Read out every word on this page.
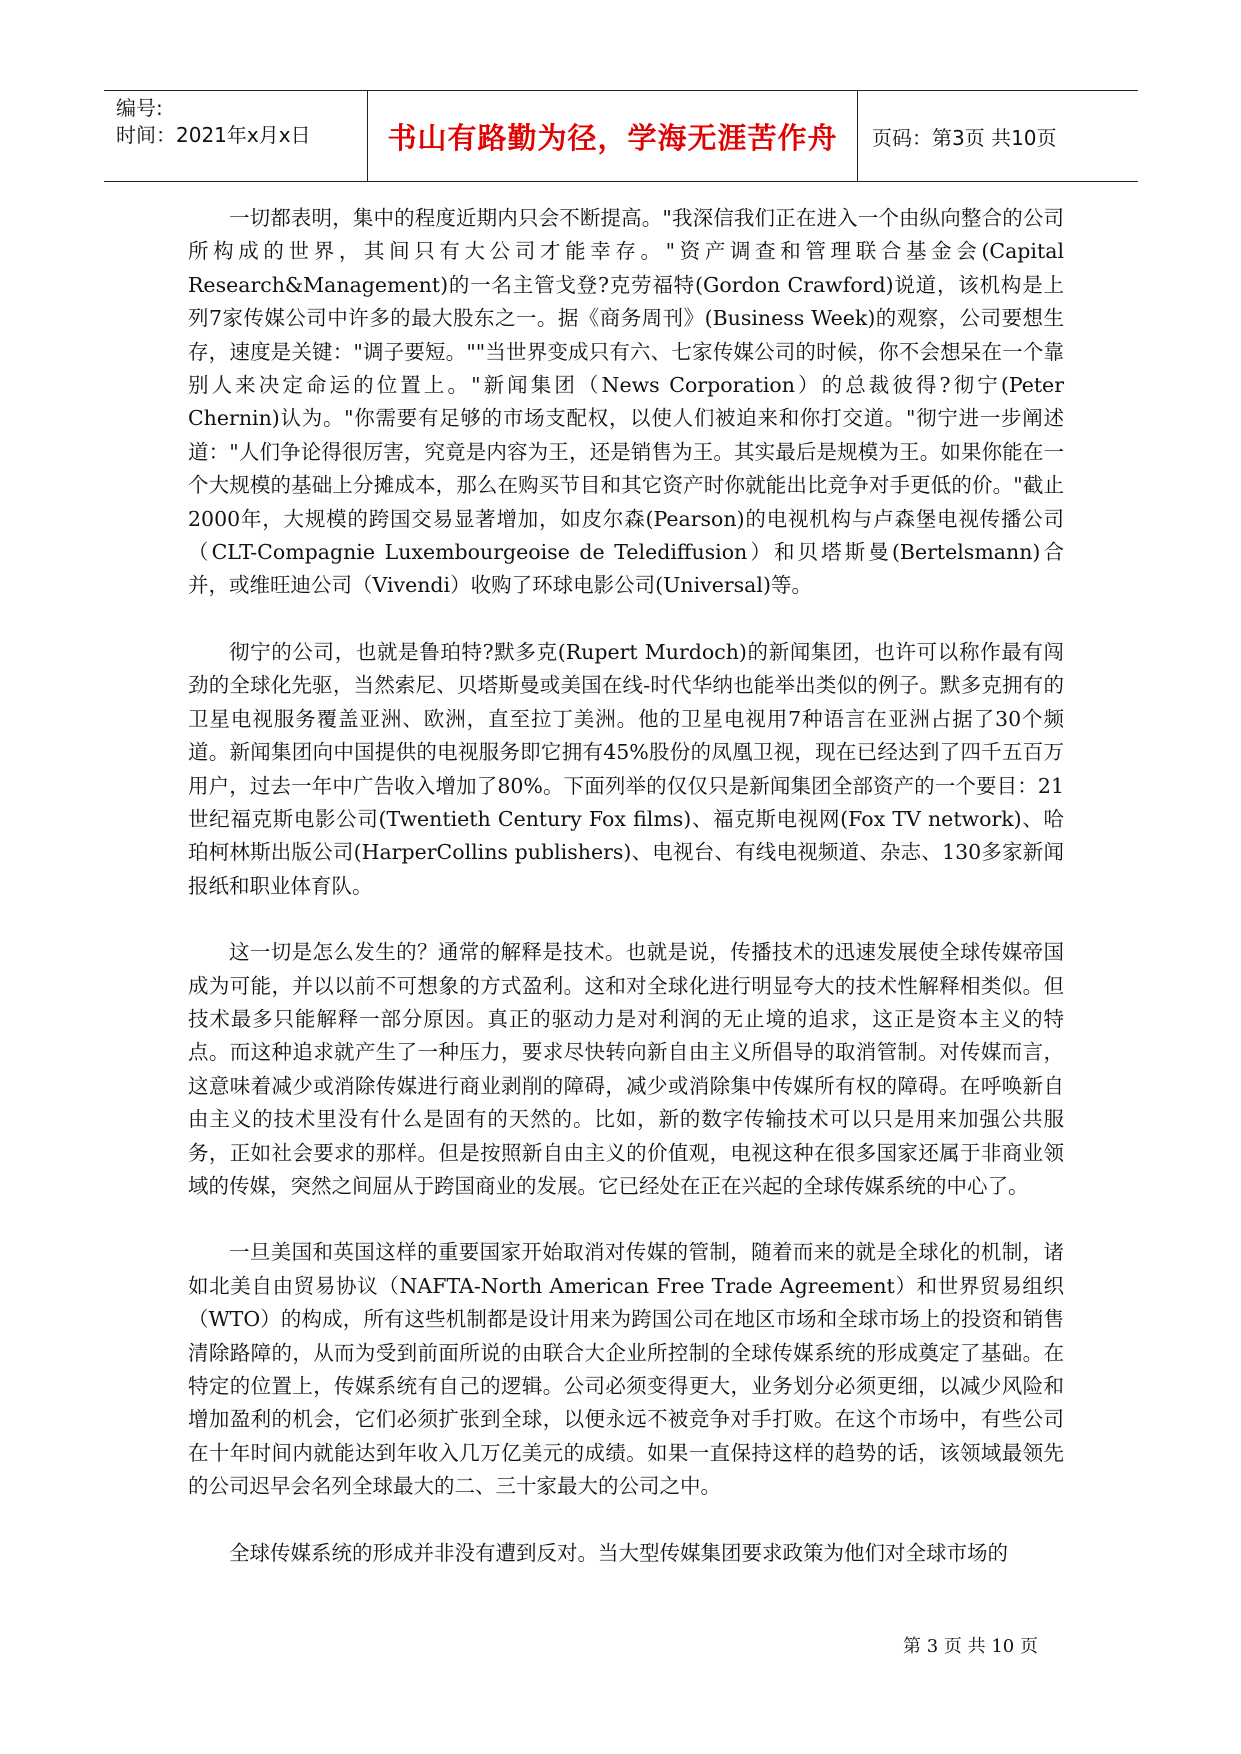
编号:
时间：2021年x月x日	书山有路勤为径，学海无涯苦作舟 页码：第3页 共10页

一切都表明，集中的程度近期内只会不断提高。"我深信我们正在进入一个由纵向整合的公司所构成的世界，其间只有大公司才能幸存。"资产调查和管理联合基金会(Capital Research&Management)的一名主管戈登?克劳福特(Gordon Crawford)说道，该机构是上列7家传媒公司中许多的最大股东之一。据《商务周刊》(Business Week)的观察，公司要想生存，速度是关键："调子要短。""当世界变成只有六、七家传媒公司的时候，你不会想呆在一个靠别人来决定命运的位置上。"新闻集团（News Corporation）的总裁彼得?彻宁(Peter Chernin)认为。"你需要有足够的市场支配权，以使人们被迫来和你打交道。"彻宁进一步阐述道："人们争论得很厉害，究竟是内容为王，还是销售为王。其实最后是规模为王。如果你能在一个大规模的基础上分摊成本，那么在购买节目和其它资产时你就能出比竞争对手更低的价。"截止2000年，大规模的跨国交易显著增加，如皮尔森(Pearson)的电视机构与卢森堡电视传播公司（CLT-Compagnie Luxembourgeoise de Telediffusion）和贝塔斯曼(Bertelsmann)合并，或维旺迪公司（Vivendi）收购了环球电影公司(Universal)等。

彻宁的公司，也就是鲁珀特?默多克(Rupert Murdoch)的新闻集团，也许可以称作最有闯劲的全球化先驱，当然索尼、贝塔斯曼或美国在线-时代华纳也能举出类似的例子。默多克拥有的卫星电视服务覆盖亚洲、欧洲，直至拉丁美洲。他的卫星电视用7种语言在亚洲占据了30个频道。新闻集团向中国提供的电视服务即它拥有45%股份的凤凰卫视，现在已经达到了四千五百万用户，过去一年中广告收入增加了80%。下面列举的仅仅只是新闻集团全部资产的一个要目：21世纪福克斯电影公司(Twentieth Century Fox films)、福克斯电视网(Fox TV network)、哈珀柯林斯出版公司(HarperCollins publishers)、电视台、有线电视频道、杂志、130多家新闻报纸和职业体育队。

这一切是怎么发生的？通常的解释是技术。也就是说，传播技术的迅速发展使全球传媒帝国成为可能，并以以前不可想象的方式盈利。这和对全球化进行明显夸大的技术性解释相类似。但技术最多只能解释一部分原因。真正的驱动力是对利润的无止境的追求，这正是资本主义的特点。而这种追求就产生了一种压力，要求尽快转向新自由主义所倡导的取消管制。对传媒而言，这意味着减少或消除传媒进行商业剥削的障碍，减少或消除集中传媒所有权的障碍。在呼唤新自由主义的技术里没有什么是固有的天然的。比如，新的数字传输技术可以只是用来加强公共服务，正如社会要求的那样。但是按照新自由主义的价值观，电视这种在很多国家还属于非商业领域的传媒，突然之间屈从于跨国商业的发展。它已经处在正在兴起的全球传媒系统的中心了。

一旦美国和英国这样的重要国家开始取消对传媒的管制，随着而来的就是全球化的机制，诸如北美自由贸易协议（NAFTA-North American Free Trade Agreement）和世界贸易组织（WTO）的构成，所有这些机制都是设计用来为跨国公司在地区市场和全球市场上的投资和销售清除路障的，从而为受到前面所说的由联合大企业所控制的全球传媒系统的形成奠定了基础。在特定的位置上，传媒系统有自己的逻辑。公司必须变得更大，业务划分必须更细，以减少风险和增加盈利的机会，它们必须扩张到全球，以便永远不被竞争对手打败。在这个市场中，有些公司在十年时间内就能达到年收入几万亿美元的成绩。如果一直保持这样的趋势的话，该领域最领先的公司迟早会名列全球最大的二、三十家最大的公司之中。

全球传媒系统的形成并非没有遭到反对。当大型传媒集团要求政策为他们对全球市场的

第 3 页 共 10 页
